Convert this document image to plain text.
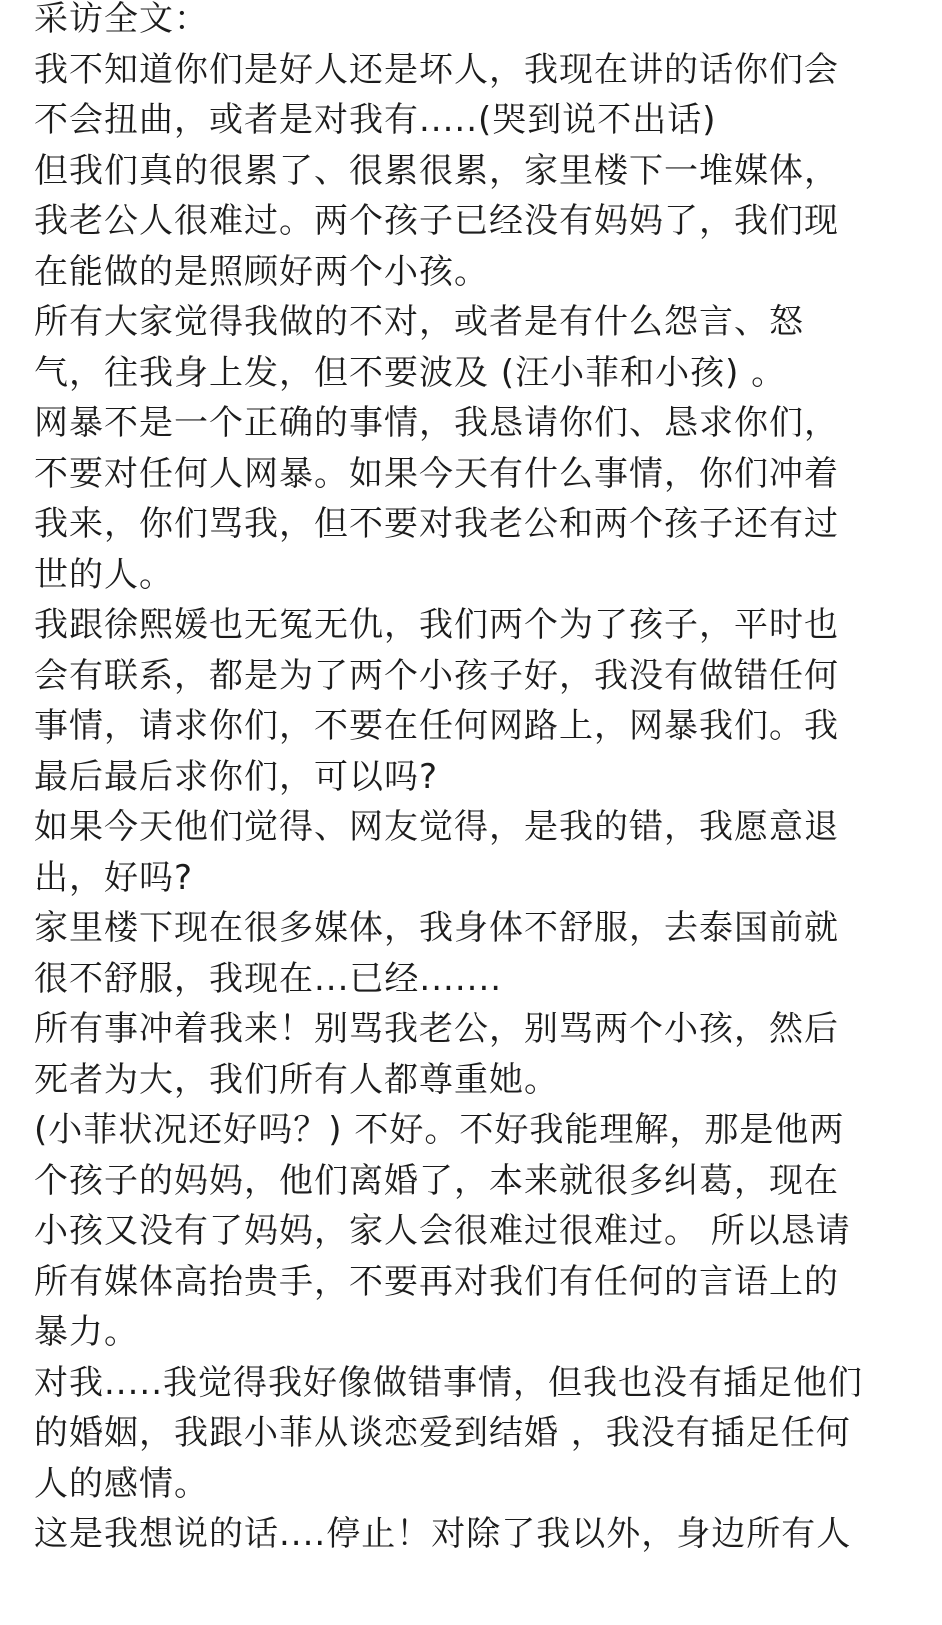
采访全文：
我不知道你们是好人还是坏人，我现在讲的话你们会
不会扭曲，或者是对我有.....(哭到说不出话)
但我们真的很累了、很累很累，家里楼下一堆媒体，
我老公人很难过。两个孩子已经没有妈妈了，我们现
在能做的是照顾好两个小孩。
所有大家觉得我做的不对，或者是有什么怨言、怒
气，往我身上发，但不要波及 (汪小菲和小孩) 。
网暴不是一个正确的事情，我恳请你们、恳求你们，
不要对任何人网暴。如果今天有什么事情，你们冲着
我来，你们骂我，但不要对我老公和两个孩子还有过
世的人。
我跟徐熙媛也无冤无仇，我们两个为了孩子，平时也
会有联系，都是为了两个小孩子好，我没有做错任何
事情，请求你们，不要在任何网路上，网暴我们。我
最后最后求你们，可以吗?
如果今天他们觉得、网友觉得，是我的错，我愿意退
出，好吗?
家里楼下现在很多媒体，我身体不舒服，去泰国前就
很不舒服，我现在...已经.......
所有事冲着我来！别骂我老公，别骂两个小孩，然后
死者为大，我们所有人都尊重她。
(小菲状况还好吗？) 不好。不好我能理解，那是他两
个孩子的妈妈，他们离婚了，本来就很多纠葛，现在
小孩又没有了妈妈，家人会很难过很难过。 所以恳请
所有媒体高抬贵手，不要再对我们有任何的言语上的
暴力。
对我.....我觉得我好像做错事情，但我也没有插足他们
的婚姻，我跟小菲从谈恋爱到结婚 ，我没有插足任何
人的感情。
这是我想说的话....停止！对除了我以外，身边所有人
